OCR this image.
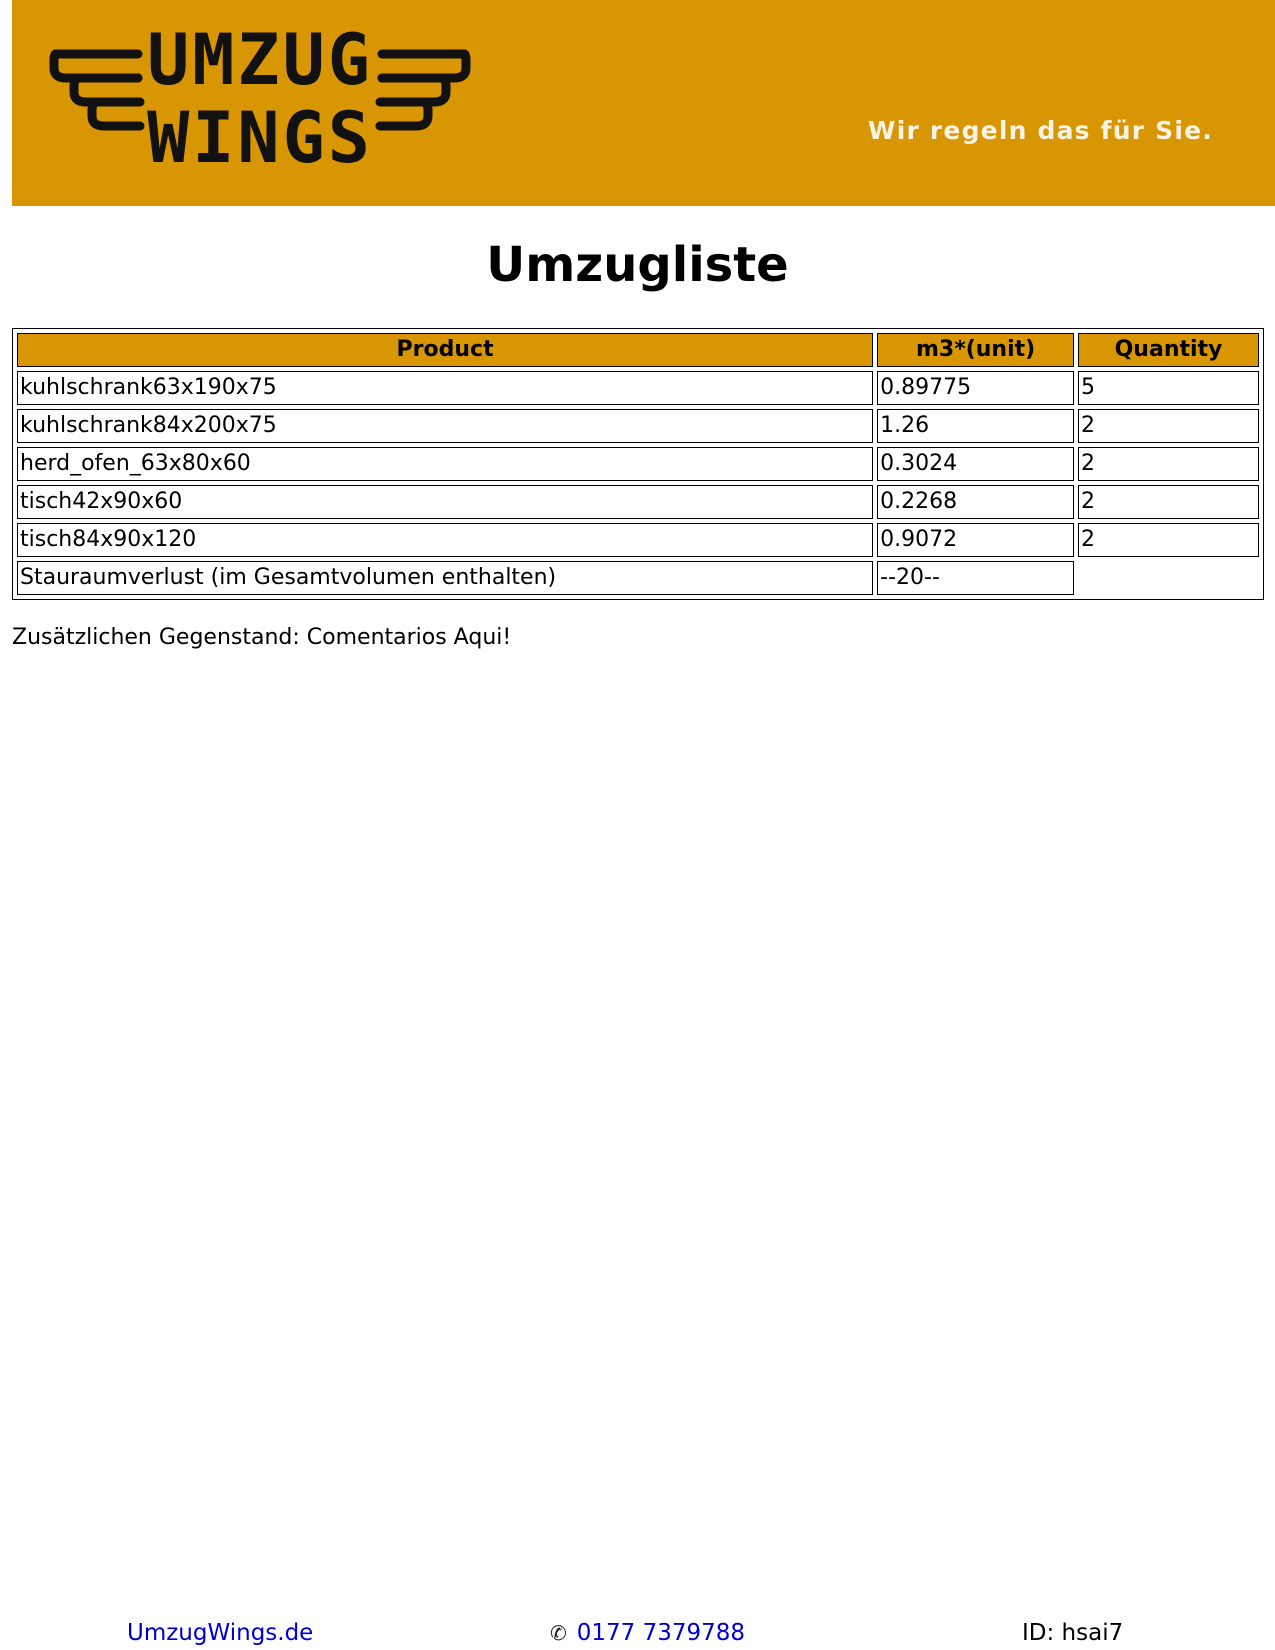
UMZUG
WINGS	Wir regeln das für Sie.
Umzugliste
Product	m3*(unit)	Quantity
kuhlschrank63x190x75	0.89775	5
kuhlschrank84x200x75	1.26	2
herd_ofen_63x80x60	0.3024	2
tisch42x90x60	0.2268	2
tisch84x90x120	0.9072	2
Stauraumverlust (im Gesamtvolumen enthalten)	--20--	
Zusätzlichen Gegenstand: Comentarios Aqui!
UmzugWings.de	✆ 0177 7379788	ID: hsai7
